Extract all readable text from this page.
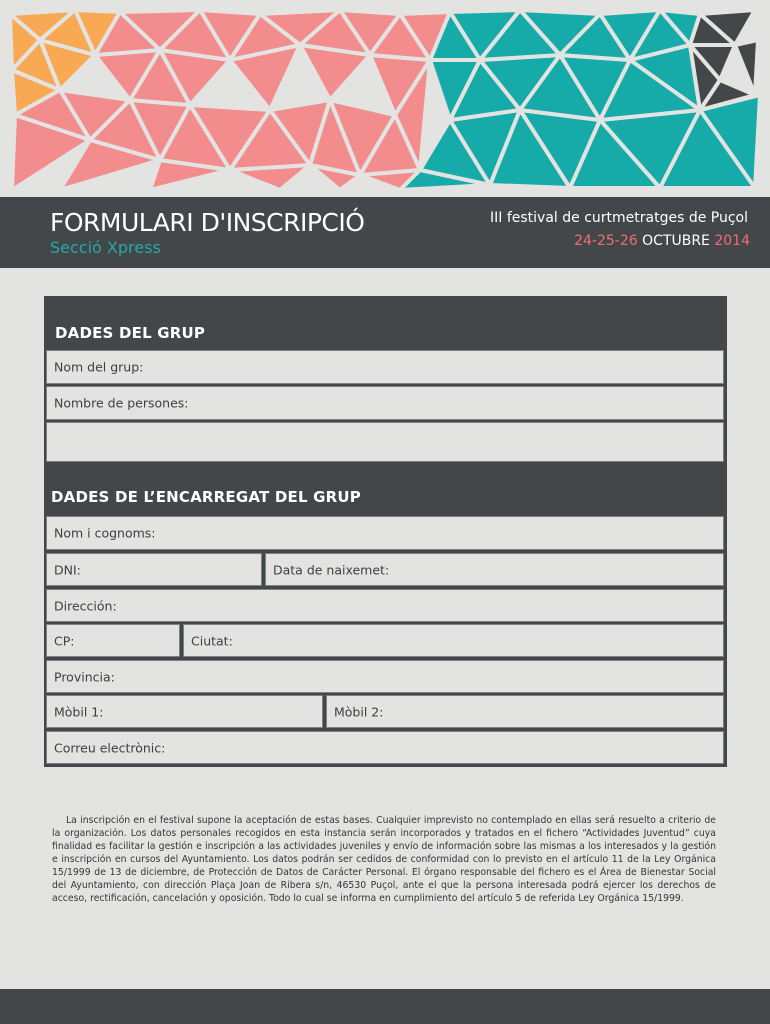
FORMULARI D'INSCRIPCIÓ
Secció Xpress
III festival de curtmetratges de Puçol
24-25-26 OCTUBRE 2014
DADES DEL GRUP
Nom del grup:
Nombre de persones:
DADES DE L’ENCARREGAT DEL GRUP
Nom i cognoms:
DNI:	Data de naixemet:
Dirección:
CP:	Ciutat:
Provincia:
Mòbil 1:	Mòbil 2:
Correu electrònic:

La inscripción en el festival supone la aceptación de estas bases. Cualquier imprevisto no contemplado en ellas será resuelto a criterio de la organización. Los datos personales recogidos en esta instancia serán incorporados y tratados en el fichero “Actividades Juventud” cuya finalidad es facilitar la gestión e inscripción a las actividades juveniles y envío de información sobre las mismas a los interesados y la gestión e inscripción en cursos del Ayuntamiento. Los datos podrán ser cedidos de conformidad con lo previsto en el artículo 11 de la Ley Orgánica 15/1999 de 13 de diciembre, de Protección de Datos de Carácter Personal. El órgano responsable del fichero es el Área de Bienestar Social del Ayuntamiento, con dirección Plaça Joan de Ribera s/n, 46530 Puçol, ante el que la persona interesada podrá ejercer los derechos de acceso, rectificación, cancelación y oposición. Todo lo cual se informa en cumplimiento del artículo 5 de referida Ley Orgánica 15/1999.
